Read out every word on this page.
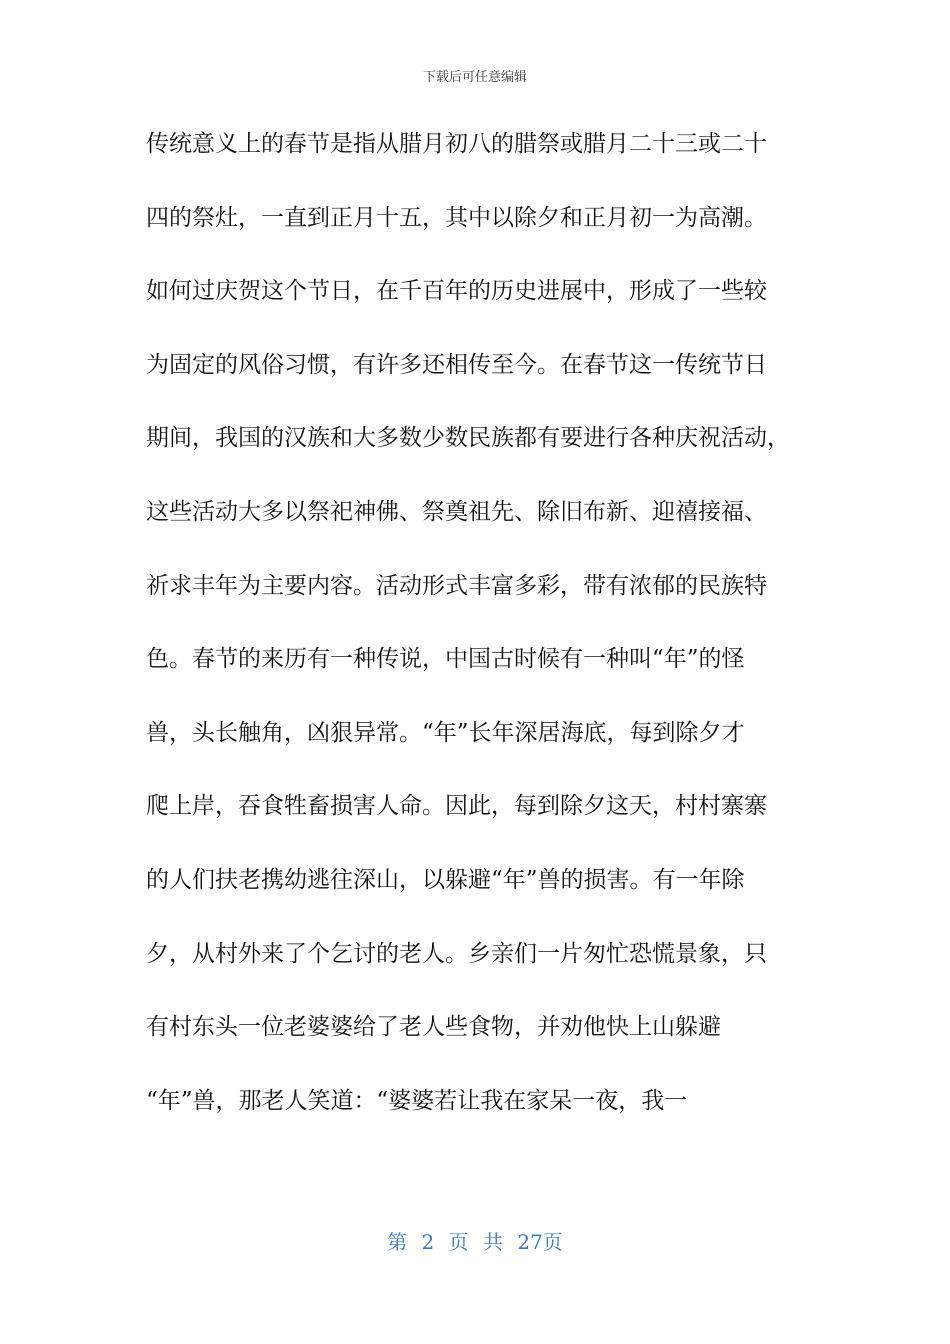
下载后可任意编辑
传统意义上的春节是指从腊月初八的腊祭或腊月二十三或二十
四的祭灶，一直到正月十五，其中以除夕和正月初一为高潮。
如何过庆贺这个节日，在千百年的历史进展中，形成了一些较
为固定的风俗习惯，有许多还相传至今。在春节这一传统节日
期间，我国的汉族和大多数少数民族都有要进行各种庆祝活动，
这些活动大多以祭祀神佛、祭奠祖先、除旧布新、迎禧接福、
祈求丰年为主要内容。活动形式丰富多彩，带有浓郁的民族特
色。春节的来历有一种传说，中国古时候有一种叫“年”的怪
兽，头长触角，凶狠异常。“年”长年深居海底，每到除夕才
爬上岸，吞食牲畜损害人命。因此，每到除夕这天，村村寨寨
的人们扶老携幼逃往深山，以躲避“年”兽的损害。有一年除
夕，从村外来了个乞讨的老人。乡亲们一片匆忙恐慌景象，只
有村东头一位老婆婆给了老人些食物，并劝他快上山躲避
“年”兽，那老人笑道：“婆婆若让我在家呆一夜，我一
第 2 页 共 27页
